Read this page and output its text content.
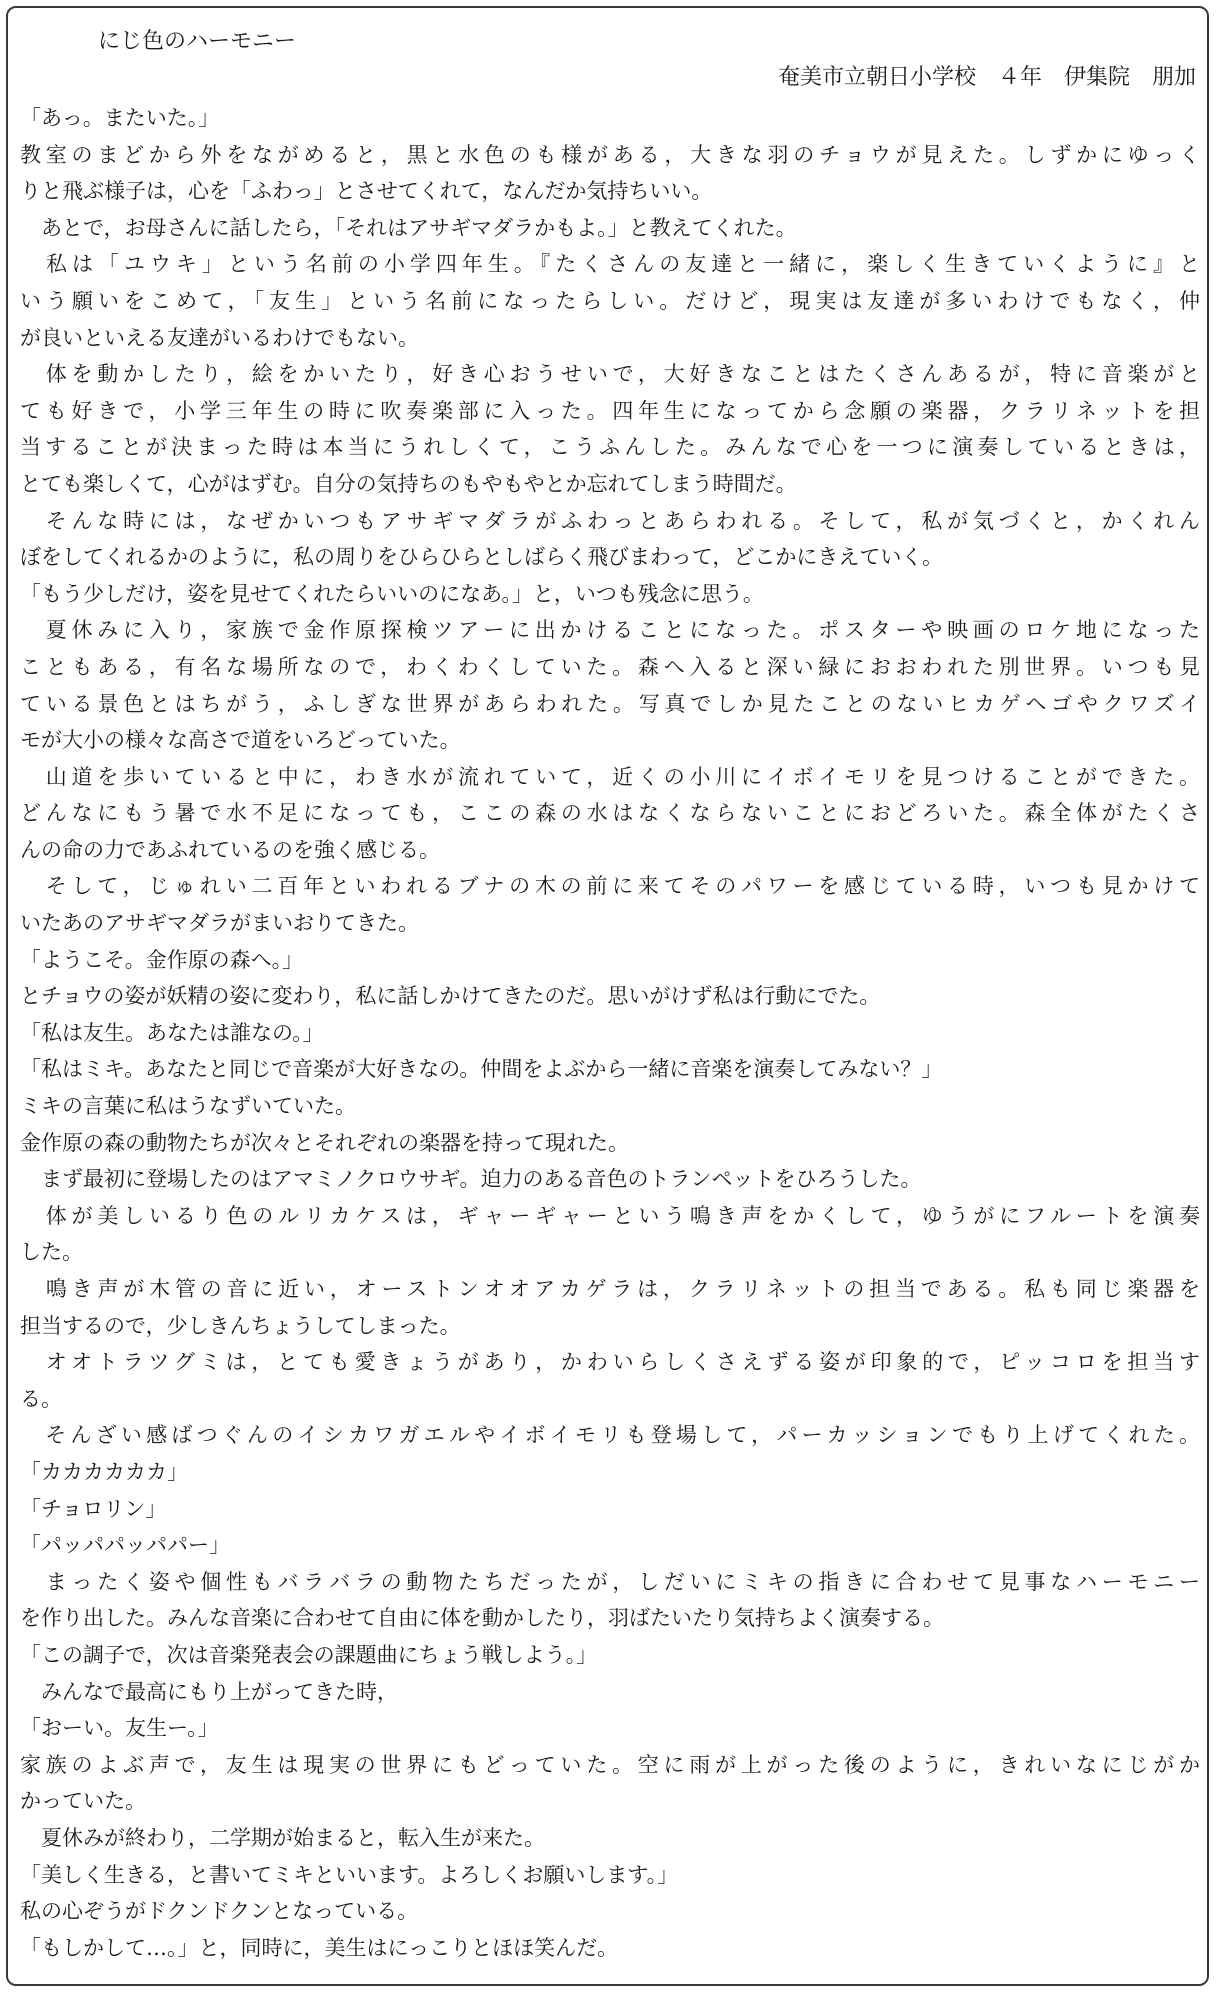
にじ色のハーモニー
奄美市立朝日小学校　４年　伊集院　朋加
「あっ。またいた。」
教室のまどから外をながめると，黒と水色のも様がある，大きな羽のチョウが見えた。しずかにゆっく
りと飛ぶ様子は，心を「ふわっ」とさせてくれて，なんだか気持ちいい。
　あとで，お母さんに話したら，「それはアサギマダラかもよ。」と教えてくれた。
　私は「ユウキ」という名前の小学四年生。『たくさんの友達と一緒に，楽しく生きていくように』と
いう願いをこめて，「友生」という名前になったらしい。だけど，現実は友達が多いわけでもなく，仲
が良いといえる友達がいるわけでもない。
　体を動かしたり，絵をかいたり，好き心おうせいで，大好きなことはたくさんあるが，特に音楽がと
ても好きで，小学三年生の時に吹奏楽部に入った。四年生になってから念願の楽器，クラリネットを担
当することが決まった時は本当にうれしくて，こうふんした。みんなで心を一つに演奏しているときは，
とても楽しくて，心がはずむ。自分の気持ちのもやもやとか忘れてしまう時間だ。
　そんな時には，なぜかいつもアサギマダラがふわっとあらわれる。そして，私が気づくと，かくれん
ぼをしてくれるかのように，私の周りをひらひらとしばらく飛びまわって，どこかにきえていく。
「もう少しだけ，姿を見せてくれたらいいのになあ。」と，いつも残念に思う。
　夏休みに入り，家族で金作原探検ツアーに出かけることになった。ポスターや映画のロケ地になった
こともある，有名な場所なので，わくわくしていた。森へ入ると深い緑におおわれた別世界。いつも見
ている景色とはちがう，ふしぎな世界があらわれた。写真でしか見たことのないヒカゲヘゴやクワズイ
モが大小の様々な高さで道をいろどっていた。
　山道を歩いていると中に，わき水が流れていて，近くの小川にイボイモリを見つけることができた。
どんなにもう暑で水不足になっても，ここの森の水はなくならないことにおどろいた。森全体がたくさ
んの命の力であふれているのを強く感じる。
　そして，じゅれい二百年といわれるブナの木の前に来てそのパワーを感じている時，いつも見かけて
いたあのアサギマダラがまいおりてきた。
「ようこそ。金作原の森へ。」
とチョウの姿が妖精の姿に変わり，私に話しかけてきたのだ。思いがけず私は行動にでた。
「私は友生。あなたは誰なの。」
「私はミキ。あなたと同じで音楽が大好きなの。仲間をよぶから一緒に音楽を演奏してみない？」
ミキの言葉に私はうなずいていた。
金作原の森の動物たちが次々とそれぞれの楽器を持って現れた。
　まず最初に登場したのはアマミノクロウサギ。迫力のある音色のトランペットをひろうした。
　体が美しいるり色のルリカケスは，ギャーギャーという鳴き声をかくして，ゆうがにフルートを演奏
した。
　鳴き声が木管の音に近い，オーストンオオアカゲラは，クラリネットの担当である。私も同じ楽器を
担当するので，少しきんちょうしてしまった。
　オオトラツグミは，とても愛きょうがあり，かわいらしくさえずる姿が印象的で，ピッコロを担当す
る。
　そんざい感ばつぐんのイシカワガエルやイボイモリも登場して，パーカッションでもり上げてくれた。
「カカカカカカ」
「チョロリン」
「パッパパッパパー」
　まったく姿や個性もバラバラの動物たちだったが，しだいにミキの指きに合わせて見事なハーモニー
を作り出した。みんな音楽に合わせて自由に体を動かしたり，羽ばたいたり気持ちよく演奏する。
「この調子で，次は音楽発表会の課題曲にちょう戦しよう。」
　みんなで最高にもり上がってきた時，
「おーい。友生ー。」
家族のよぶ声で，友生は現実の世界にもどっていた。空に雨が上がった後のように，きれいなにじがか
かっていた。
　夏休みが終わり，二学期が始まると，転入生が来た。
「美しく生きる，と書いてミキといいます。よろしくお願いします。」
私の心ぞうがドクンドクンとなっている。
「もしかして…。」と，同時に，美生はにっこりとほほ笑んだ。
